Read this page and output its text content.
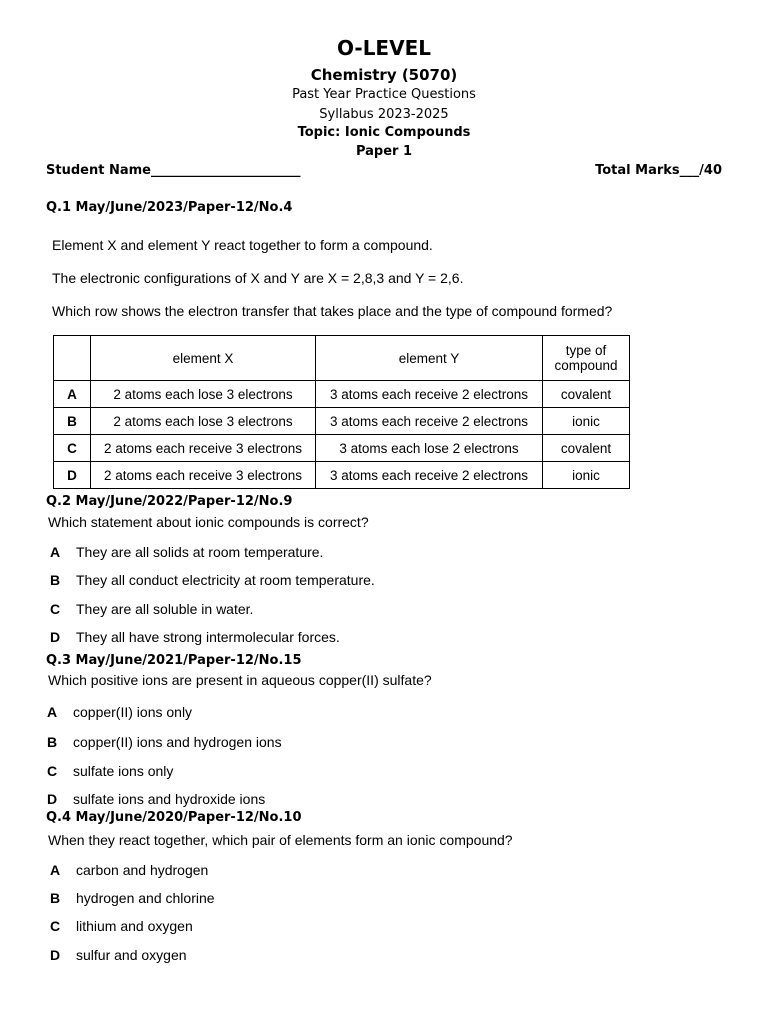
O-LEVEL
Chemistry (5070)
Past Year Practice Questions
Syllabus 2023-2025
Topic: Ionic Compounds
Paper 1
Student Name_______________________	Total Marks___/40
Q.1 May/June/2023/Paper-12/No.4
Element X and element Y react together to form a compound.
The electronic configurations of X and Y are X = 2,8,3 and Y = 2,6.
Which row shows the electron transfer that takes place and the type of compound formed?
	element X	element Y	type of compound
A	2 atoms each lose 3 electrons	3 atoms each receive 2 electrons	covalent
B	2 atoms each lose 3 electrons	3 atoms each receive 2 electrons	ionic
C	2 atoms each receive 3 electrons	3 atoms each lose 2 electrons	covalent
D	2 atoms each receive 3 electrons	3 atoms each receive 2 electrons	ionic
Q.2 May/June/2022/Paper-12/No.9
Which statement about ionic compounds is correct?
A They are all solids at room temperature.
B They all conduct electricity at room temperature.
C They are all soluble in water.
D They all have strong intermolecular forces.
Q.3 May/June/2021/Paper-12/No.15
Which positive ions are present in aqueous copper(II) sulfate?
A copper(II) ions only
B copper(II) ions and hydrogen ions
C sulfate ions only
D sulfate ions and hydroxide ions
Q.4 May/June/2020/Paper-12/No.10
When they react together, which pair of elements form an ionic compound?
A carbon and hydrogen
B hydrogen and chlorine
C lithium and oxygen
D sulfur and oxygen
